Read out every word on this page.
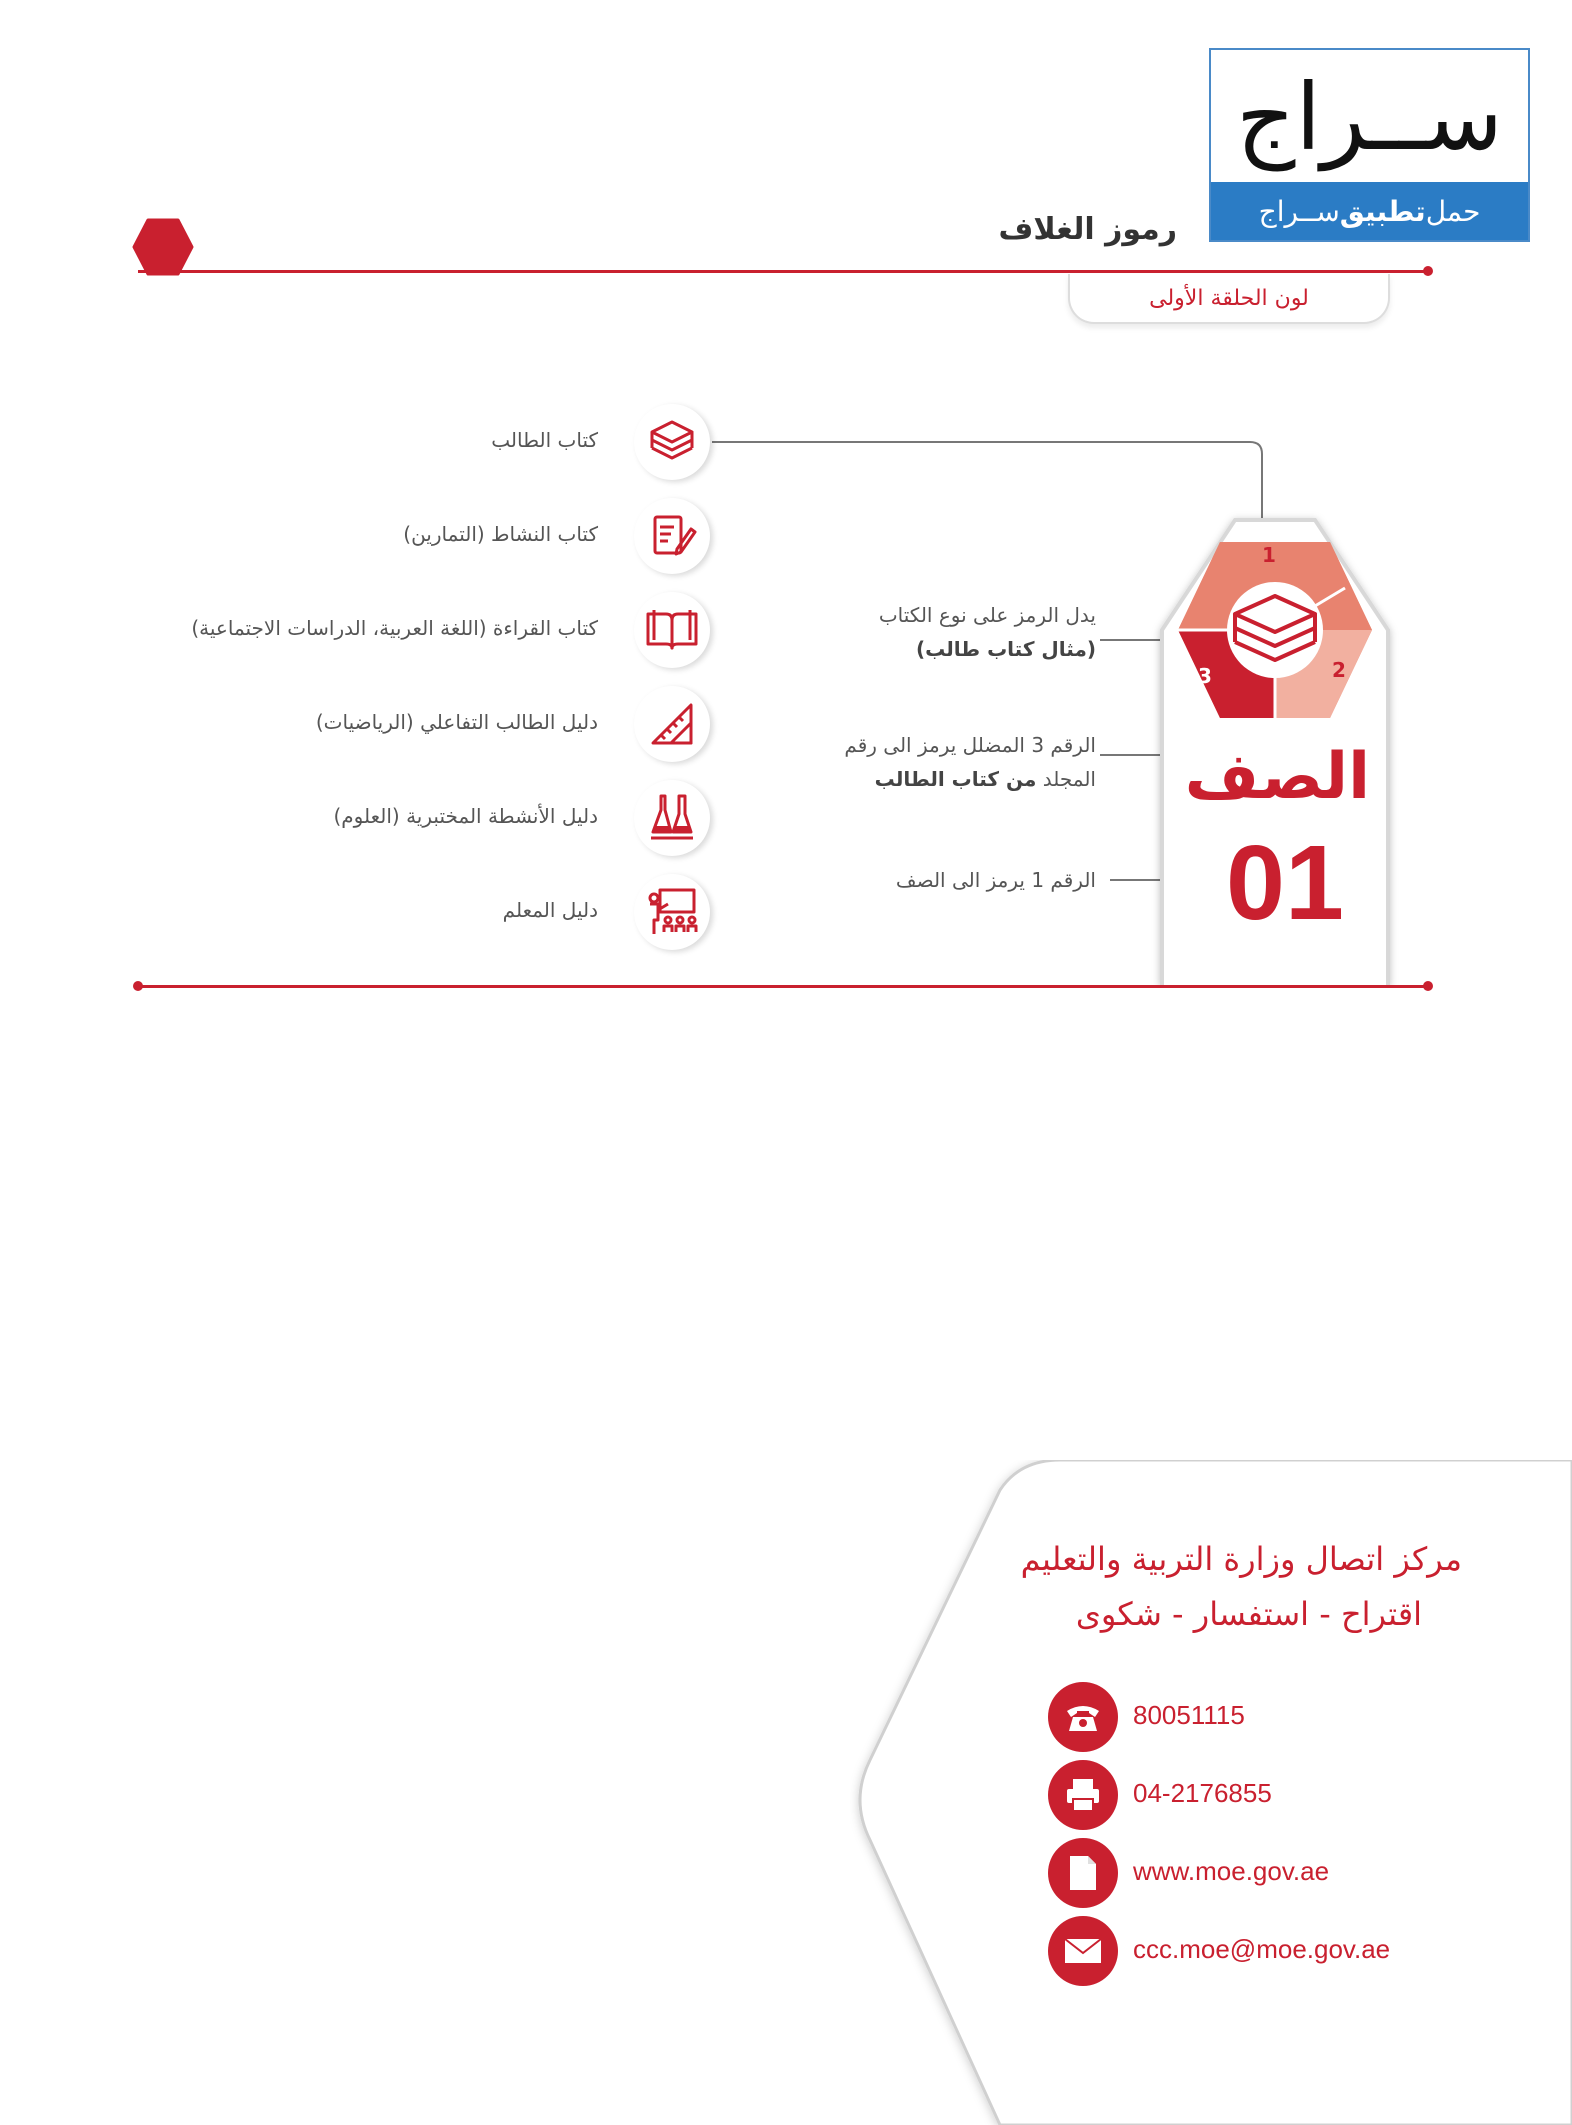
ســراج
حمل
تطبيق
ســراج
رموز الغلاف
لون الحلقة الأولى
كتاب الطالب
كتاب النشاط (التمارين)
كتاب القراءة (اللغة العربية، الدراسات الاجتماعية)
دليل الطالب التفاعلي (الرياضيات)
دليل الأنشطة المختبرية (العلوم)
دليل المعلم
يدل الرمز على نوع الكتاب
(مثال كتاب طالب)
الرقم 3 المضلل يرمز الى رقم
المجلد من كتاب الطالب
الرقم 1 يرمز الى الصف
1
2
3
الصف
01
مركز اتصال وزارة التربية والتعليم
اقتراح - استفسار - شكوى
80051115
04-2176855
www.moe.gov.ae
ccc.moe@moe.gov.ae
